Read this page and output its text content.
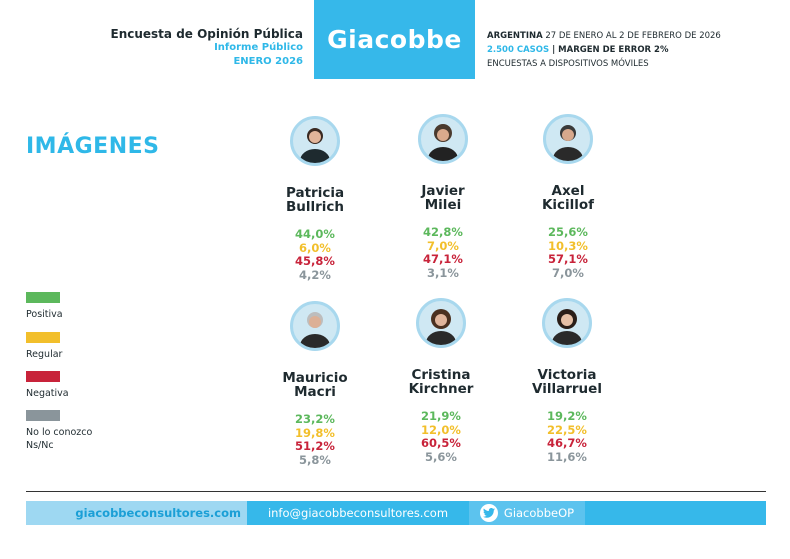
Encuesta de Opinión Pública
Informe Público
ENERO 2026
Giacobbe	ARGENTINA 27 DE ENERO AL 2 DE FEBRERO DE 2026
2.500 CASOS | MARGEN DE ERROR 2%
ENCUESTAS A DISPOSITIVOS MÓVILES
IMÁGENES
Positiva
Regular
Negativa
No lo conozco
Ns/Nc
Patricia
Bullrich
44,0%
6,0%
45,8%
4,2%
Javier
Milei
42,8%
7,0%
47,1%
3,1%
Axel
Kicillof
25,6%
10,3%
57,1%
7,0%
Mauricio
Macri
23,2%
19,8%
51,2%
5,8%
Cristina
Kirchner
21,9%
12,0%
60,5%
5,6%
Victoria
Villarruel
19,2%
22,5%
46,7%
11,6%
giacobbeconsultores.com	info@giacobbeconsultores.com	GiacobbeOP
